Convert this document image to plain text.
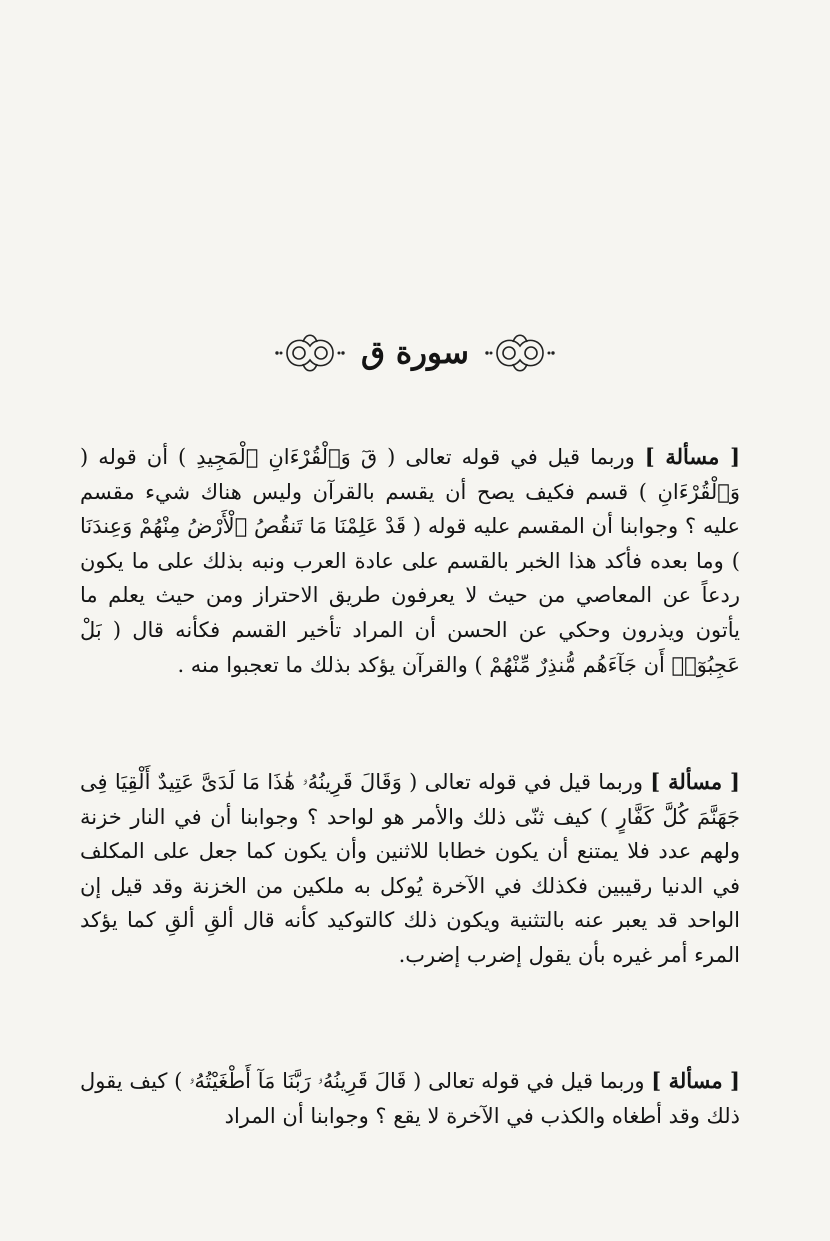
سورة ق

[ مسألة ] وربما قيل في قوله تعالى ( قٓ وَٱلْقُرْءَانِ ٱلْمَجِيدِ ) أن قوله ( وَٱلْقُرْءَانِ ) قسم فكيف يصح أن يقسم بالقرآن وليس هناك شيء مقسم عليه ؟ وجوابنا أن المقسم عليه قوله ( قَدْ عَلِمْنَا مَا تَنقُصُ ٱلْأَرْضُ مِنْهُمْ وَعِندَنَا ) وما بعده فأكد هذا الخبر بالقسم على عادة العرب ونبه بذلك على ما يكون ردعاً عن المعاصي من حيث لا يعرفون طريق الاحتراز ومن حيث يعلم ما يأتون ويذرون وحكي عن الحسن أن المراد تأخير القسم فكأنه قال ( بَلْ عَجِبُوٓا۟ أَن جَآءَهُم مُّنذِرٌ مِّنْهُمْ ) والقرآن يؤكد بذلك ما تعجبوا منه .

[ مسألة ] وربما قيل في قوله تعالى ( وَقَالَ قَرِينُهُۥ هَٰذَا مَا لَدَىَّ عَتِيدٌ أَلْقِيَا فِى جَهَنَّمَ كُلَّ كَفَّارٍ ) كيف ثنّى ذلك والأمر هو لواحد ؟ وجوابنا أن في النار خزنة ولهم عدد فلا يمتنع أن يكون خطابا للاثنين وأن يكون كما جعل على المكلف في الدنيا رقيبين فكذلك في الآخرة يُوكل به ملكين من الخزنة وقد قيل إن الواحد قد يعبر عنه بالتثنية ويكون ذلك كالتوكيد كأنه قال ألقِ ألقِ كما يؤكد المرء أمر غيره بأن يقول إضرب إضرب.

[ مسألة ] وربما قيل في قوله تعالى ( قَالَ قَرِينُهُۥ رَبَّنَا مَآ أَطْغَيْتُهُۥ ) كيف يقول ذلك وقد أطغاه والكذب في الآخرة لا يقع ؟ وجوابنا أن المراد
